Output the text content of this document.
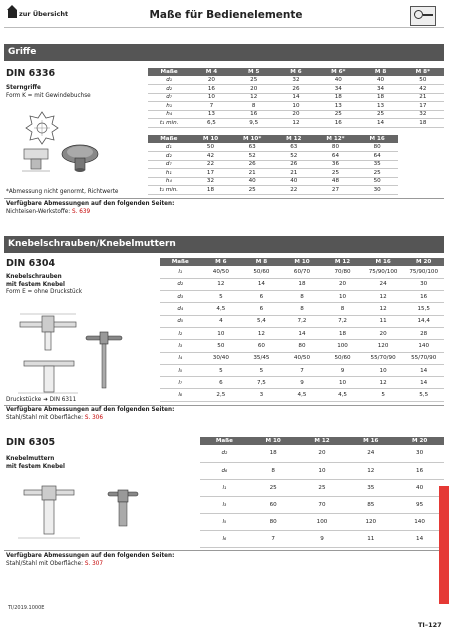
zur Übersicht	Maße für Bedienelemente
Griffe
DIN 6336
Sterngriffe
Form K = mit Gewindebuchse
Maße	M 4	M 5	M 6	M 6*	M 8	M 8*
d₁	20	25	32	40	40	50
d₂	16	20	26	34	34	42
d₇	10	12	14	18	18	21
h₁	7	8	10	13	13	17
h₄	13	16	20	25	25	32
t₁ min.	6,5	9,5	12	16	14	18
Maße	M 10	M 10*	M 12	M 12*	M 16
d₁	50	63	63	80	80
d₂	42	52	52	64	64
d₇	22	26	26	36	35
h₁	17	21	21	25	25
h₄	32	40	40	48	50
t₁ min.	18	25	22	27	30
*Abmessung nicht genormt, Richtwerte
Verfügbare Abmessungen auf den folgenden Seiten:
Nichteisen-Werkstoffe: S. 639
Knebelschrauben/Knebelmuttern
DIN 6304
Knebelschrauben
mit festem Knebel
Form E = ohne Druckstück
Maße	M 6	M 8	M 10	M 12	M 16	M 20
l₁	40/50	50/60	60/70	70/80	75/90/100	75/90/100
d₂	12	14	18	20	24	30
d₃	5	6	8	10	12	16
d₄	4,5	6	8	8	12	15,5
d₅	4	5,4	7,2	7,2	11	14,4
l₂	10	12	14	18	20	28
l₃	50	60	80	100	120	140
l₄	30/40	35/45	40/50	50/60	55/70/90	55/70/90
l₅	5	5	7	9	10	14
l₇	6	7,5	9	10	12	14
l₈	2,5	3	4,5	4,5	5	5,5
Druckstücke ➜ DIN 6311
Verfügbare Abmessungen auf den folgenden Seiten:
Stahl/Stahl mit Oberfläche: S. 306
DIN 6305
Knebelmuttern
mit festem Knebel
Maße	M 10	M 12	M 16	M 20
d₂	18	20	24	30
d₆	8	10	12	16
l₁	25	25	35	40
l₃	60	70	85	95
l₅	80	100	120	140
l₆	7	9	11	14
Verfügbare Abmessungen auf den folgenden Seiten:
Stahl/Stahl mit Oberfläche: S. 307
TI/2019.1000E
TI–127
